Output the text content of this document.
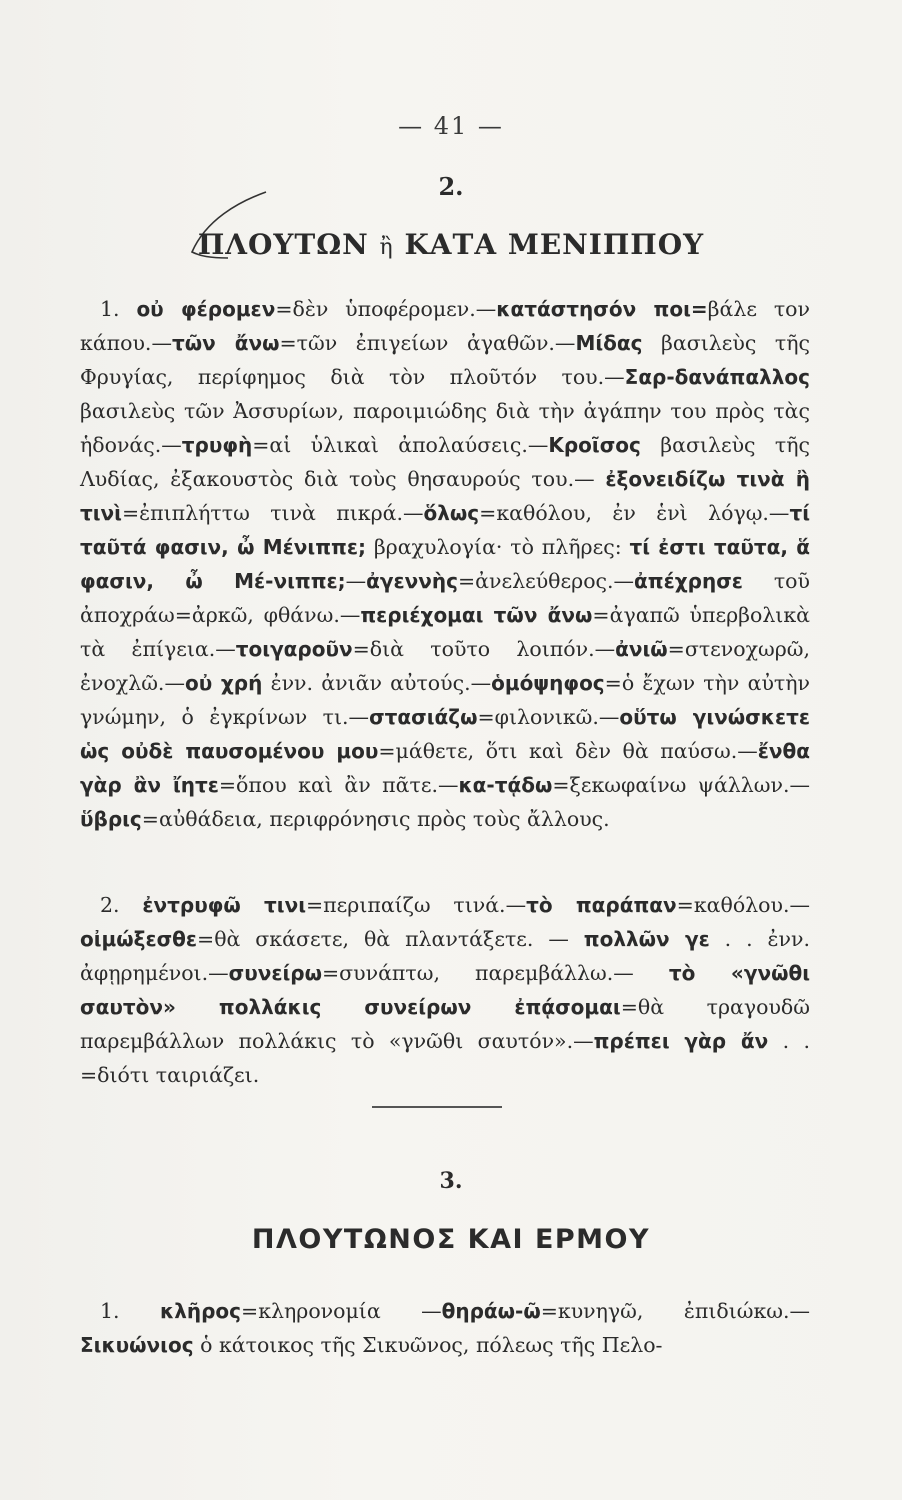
— 41 —
2.
ΠΛΟΥΤΩΝ ἢ ΚΑΤΑ ΜΕΝΙΠΠΟΥ

1. οὐ φέρομεν=δὲν ὑποφέρομεν.—κατάστησόν ποι=βάλε τον κάπου.—τῶν ἄνω=τῶν ἐπιγείων ἀγαθῶν.—Μίδας βασιλεὺς τῆς Φρυγίας, περίφημος διὰ τὸν πλοῦτόν του.—Σαρ-δανάπαλλος βασιλεὺς τῶν Ἀσσυρίων, παροιμιώδης διὰ τὴν ἀγάπην του πρὸς τὰς ἡδονάς.—τρυφὴ=αἱ ὑλικαὶ ἀπολαύσεις.—Κροῖσος βασιλεὺς τῆς Λυδίας, ἐξακουστὸς διὰ τοὺς θησαυρούς του.— ἐξονειδίζω τινὰ ἢ τινὶ=ἐπιπλήττω τινὰ πικρά.—ὅλως=καθόλου, ἐν ἑνὶ λόγῳ.—τί ταῦτά φασιν, ὦ Μένιππε; βραχυλογία· τὸ πλῆρες: τί ἐστι ταῦτα, ἅ φασιν, ὦ Μέ-νιππε;—ἀγεννὴς=ἀνελεύθερος.—ἀπέχρησε τοῦ ἀποχράω=ἀρκῶ, φθάνω.—περιέχομαι τῶν ἄνω=ἀγαπῶ ὑπερβολικὰ τὰ ἐπίγεια.—τοιγαροῦν=διὰ τοῦτο λοιπόν.—ἀνιῶ=στενοχωρῶ, ἐνοχλῶ.—οὐ χρή ἐνν. ἀνιᾶν αὐτούς.—ὁμόψηφος=ὁ ἔχων τὴν αὐτὴν γνώμην, ὁ ἐγκρίνων τι.—στασιάζω=φιλονικῶ.—οὕτω γινώσκετε ὡς οὐδὲ παυσομένου μου=μάθετε, ὅτι καὶ δὲν θὰ παύσω.—ἔνθα γὰρ ἂν ἴητε=ὅπου καὶ ἂν πᾶτε.—κα-τᾴδω=ξεκωφαίνω ψάλλων.—ὕβρις=αὐθάδεια, περιφρόνησις πρὸς τοὺς ἄλλους.

2. ἐντρυφῶ τινι=περιπαίζω τινά.—τὸ παράπαν=καθόλου.—οἰμώξεσθε=θὰ σκάσετε, θὰ πλαντάξετε. — πολλῶν γε . . ἐνν. ἀφῃρημένοι.—συνείρω=συνάπτω, παρεμβάλλω.— τὸ «γνῶθι σαυτὸν» πολλάκις συνείρων ἐπᾴσομαι=θὰ τραγουδῶ παρεμβάλλων πολλάκις τὸ «γνῶθι σαυτόν».—πρέπει γὰρ ἄν . . =διότι ταιριάζει.

3.
ΠΛΟΥΤΩΝΟΣ ΚΑΙ ΕΡΜΟΥ

1. κλῆρος=κληρονομία —θηράω-ῶ=κυνηγῶ, ἐπιδιώκω.— Σικυώνιος ὁ κάτοικος τῆς Σικυῶνος, πόλεως τῆς Πελο-
